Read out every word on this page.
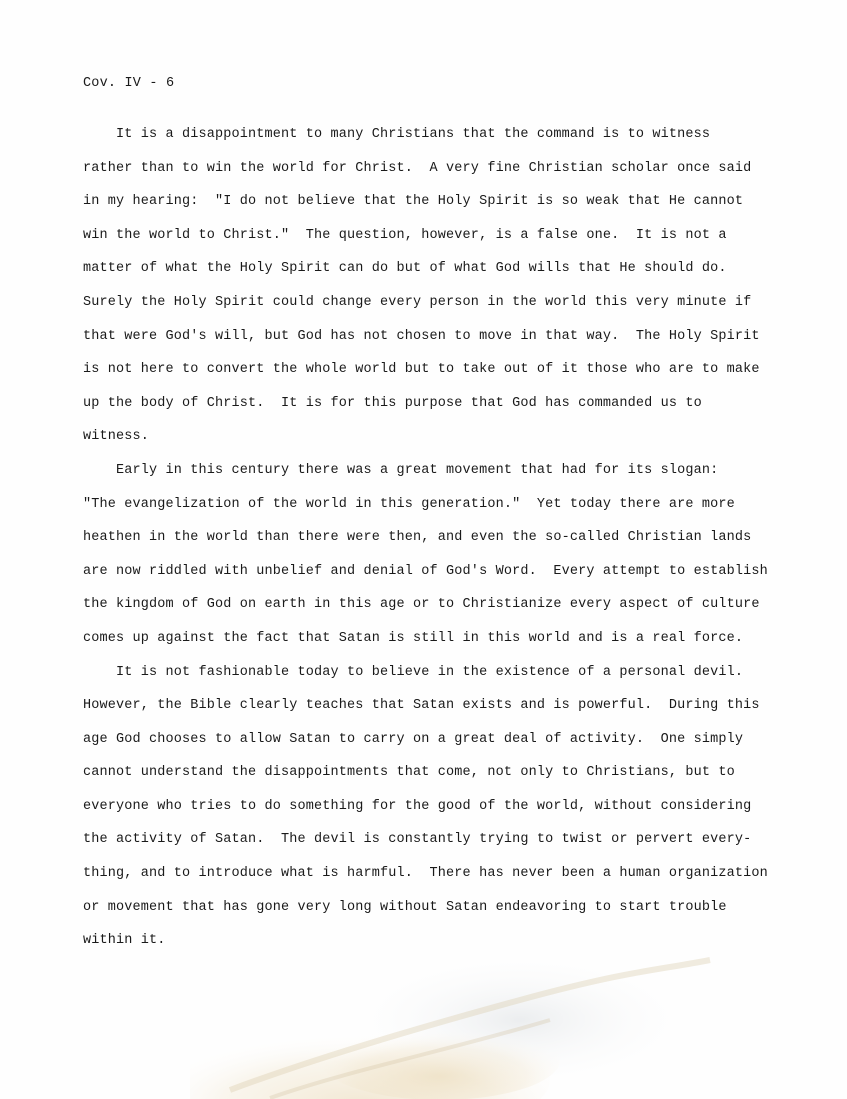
Cov. IV - 6
It is a disappointment to many Christians that the command is to witness
rather than to win the world for Christ.  A very fine Christian scholar once said
in my hearing:  "I do not believe that the Holy Spirit is so weak that He cannot
win the world to Christ."  The question, however, is a false one.  It is not a
matter of what the Holy Spirit can do but of what God wills that He should do.
Surely the Holy Spirit could change every person in the world this very minute if
that were God's will, but God has not chosen to move in that way.  The Holy Spirit
is not here to convert the whole world but to take out of it those who are to make
up the body of Christ.  It is for this purpose that God has commanded us to
witness.
Early in this century there was a great movement that had for its slogan:
"The evangelization of the world in this generation."  Yet today there are more
heathen in the world than there were then, and even the so-called Christian lands
are now riddled with unbelief and denial of God's Word.  Every attempt to establish
the kingdom of God on earth in this age or to Christianize every aspect of culture
comes up against the fact that Satan is still in this world and is a real force.
It is not fashionable today to believe in the existence of a personal devil.
However, the Bible clearly teaches that Satan exists and is powerful.  During this
age God chooses to allow Satan to carry on a great deal of activity.  One simply
cannot understand the disappointments that come, not only to Christians, but to
everyone who tries to do something for the good of the world, without considering
the activity of Satan.  The devil is constantly trying to twist or pervert every-
thing, and to introduce what is harmful.  There has never been a human organization
or movement that has gone very long without Satan endeavoring to start trouble
within it.
